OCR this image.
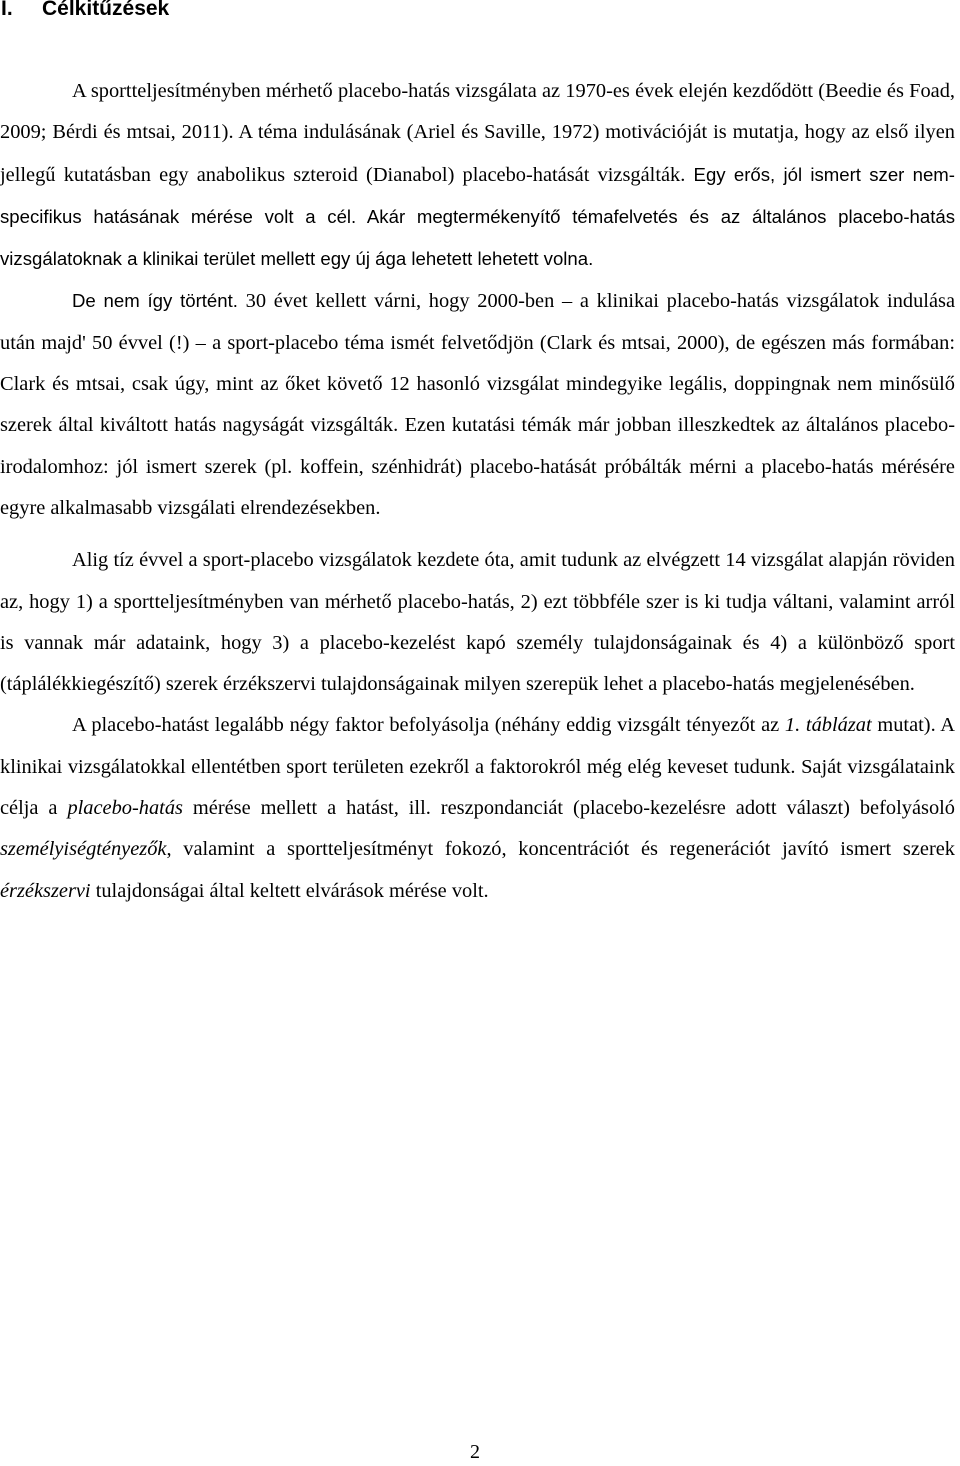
I. Célkitűzések

A sportteljesítményben mérhető placebo-hatás vizsgálata az 1970-es évek elején kezdődött (Beedie és Foad, 2009; Bérdi és mtsai, 2011). A téma indulásának (Ariel és Saville, 1972) motivációját is mutatja, hogy az első ilyen jellegű kutatásban egy anabolikus szteroid (Dianabol) placebo-hatását vizsgálták. Egy erős, jól ismert szer nem-specifikus hatásának mérése volt a cél. Akár megtermékenyítő témafelvetés és az általános placebo-hatás vizsgálatoknak a klinikai terület mellett egy új ága lehetett lehetett volna.

De nem így történt. 30 évet kellett várni, hogy 2000-ben – a klinikai placebo-hatás vizsgálatok indulása után majd' 50 évvel (!) – a sport-placebo téma ismét felvetődjön (Clark és mtsai, 2000), de egészen más formában: Clark és mtsai, csak úgy, mint az őket követő 12 hasonló vizsgálat mindegyike legális, doppingnak nem minősülő szerek által kiváltott hatás nagyságát vizsgálták. Ezen kutatási témák már jobban illeszkedtek az általános placebo-irodalomhoz: jól ismert szerek (pl. koffein, szénhidrát) placebo-hatását próbálták mérni a placebo-hatás mérésére egyre alkalmasabb vizsgálati elrendezésekben.

Alig tíz évvel a sport-placebo vizsgálatok kezdete óta, amit tudunk az elvégzett 14 vizsgálat alapján röviden az, hogy 1) a sportteljesítményben van mérhető placebo-hatás, 2) ezt többféle szer is ki tudja váltani, valamint arról is vannak már adataink, hogy 3) a placebo-kezelést kapó személy tulajdonságainak és 4) a különböző sport (táplálékkiegészítő) szerek érzékszervi tulajdonságainak milyen szerepük lehet a placebo-hatás megjelenésében.

A placebo-hatást legalább négy faktor befolyásolja (néhány eddig vizsgált tényezőt az 1. táblázat mutat). A klinikai vizsgálatokkal ellentétben sport területen ezekről a faktorokról még elég keveset tudunk. Saját vizsgálataink célja a placebo-hatás mérése mellett a hatást, ill. reszpondanciát (placebo-kezelésre adott választ) befolyásoló személyiségtényezők, valamint a sportteljesítményt fokozó, koncentrációt és regenerációt javító ismert szerek érzékszervi tulajdonságai által keltett elvárások mérése volt.

2
